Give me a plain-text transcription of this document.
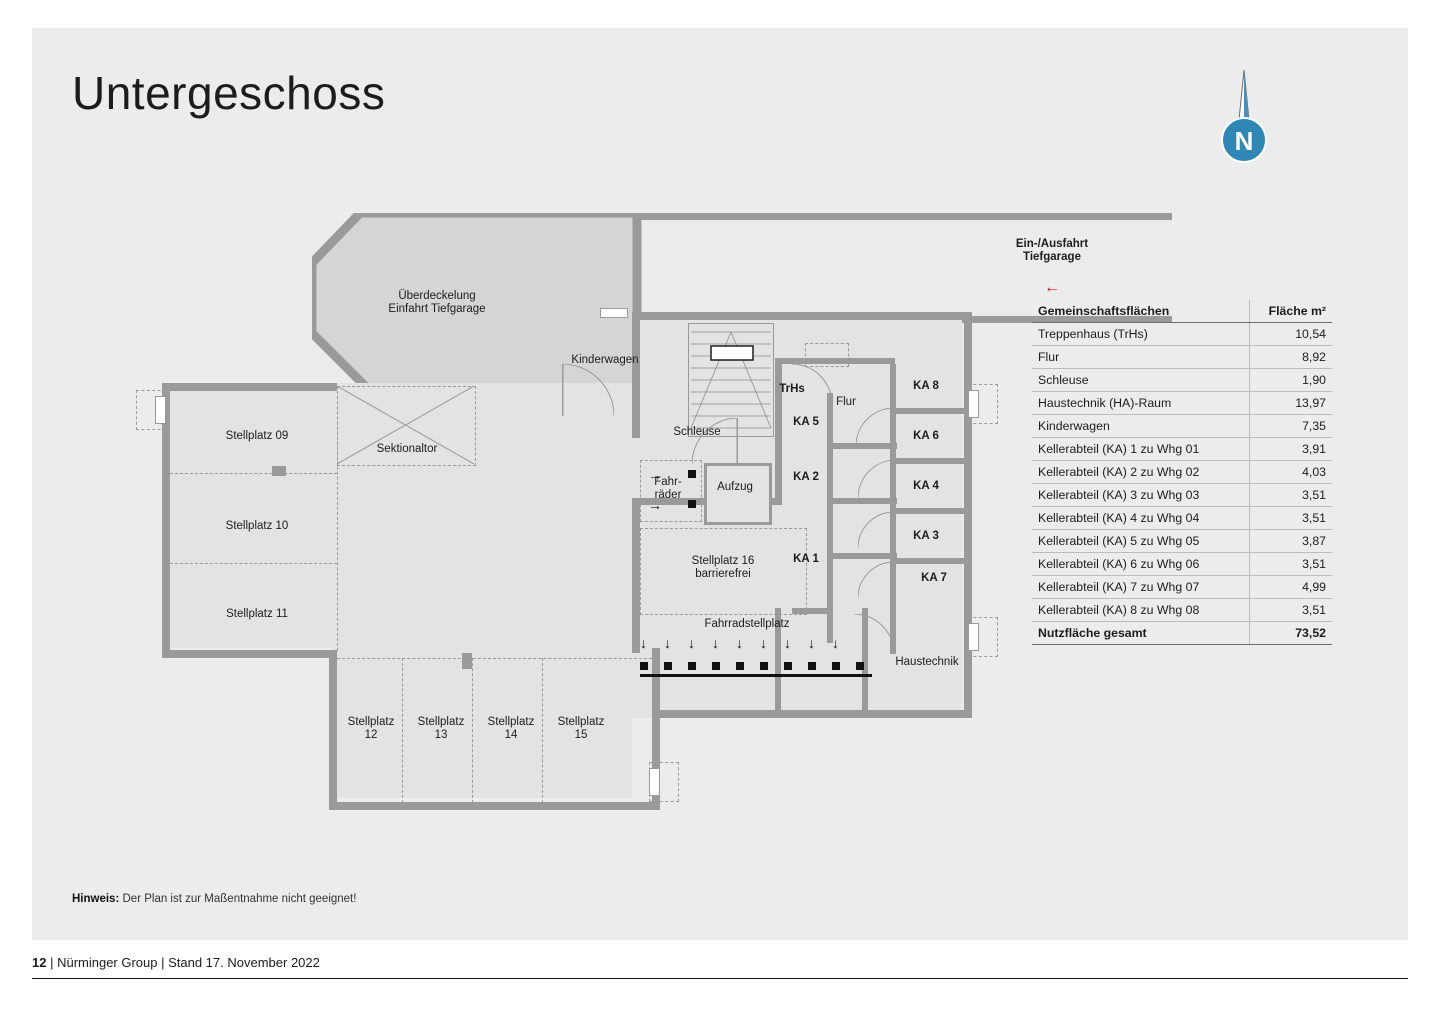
Untergeschoss
N
↓ ↓ ↓ ↓ ↓ ↓ ↓ ↓ ↓
→
→
Ein-/Ausfahrt
Tiefgarage
←
Überdeckelung
Einfahrt Tiefgarage
Sektionaltor
Kinderwagen
TrHs
Schleuse
Flur
Aufzug
Fahr-
räder
Stellplatz 16
barrierefrei
Fahrradstellplatz
Haustechnik
Stellplatz 09
Stellplatz 10
Stellplatz 11
Stellplatz
12
Stellplatz
13
Stellplatz
14
Stellplatz
15
KA 5
KA 2
KA 1
KA 8
KA 6
KA 4
KA 3
KA 7
Gemeinschaftsflächen	Fläche m²
Treppenhaus (TrHs)	10,54
Flur	8,92
Schleuse	1,90
Haustechnik (HA)-Raum	13,97
Kinderwagen	7,35
Kellerabteil (KA) 1 zu Whg 01	3,91
Kellerabteil (KA) 2 zu Whg 02	4,03
Kellerabteil (KA) 3 zu Whg 03	3,51
Kellerabteil (KA) 4 zu Whg 04	3,51
Kellerabteil (KA) 5 zu Whg 05	3,87
Kellerabteil (KA) 6 zu Whg 06	3,51
Kellerabteil (KA) 7 zu Whg 07	4,99
Kellerabteil (KA) 8 zu Whg 08	3,51
Nutzfläche gesamt	73,52
Hinweis: Der Plan ist zur Maßentnahme nicht geeignet!
12 | Nürminger Group | Stand 17. November 2022
